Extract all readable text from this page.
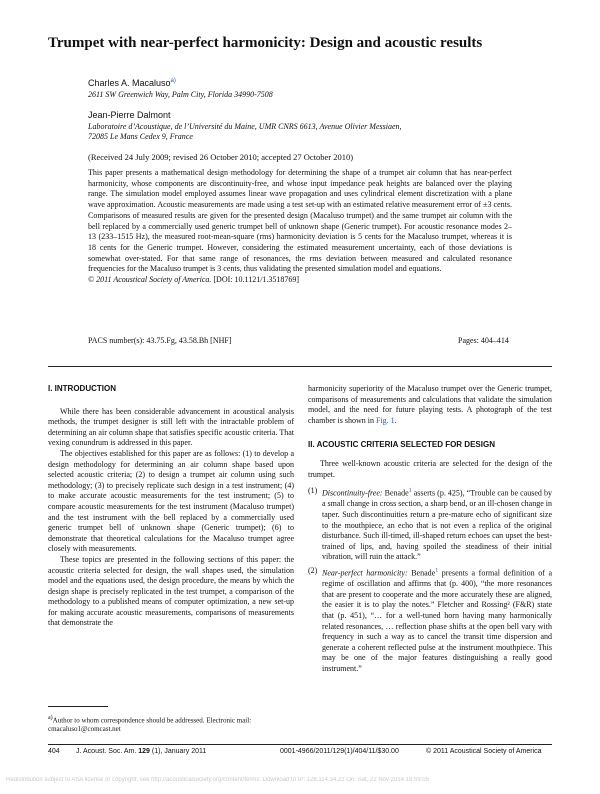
Trumpet with near-perfect harmonicity: Design and acoustic results
Charles A. Macaluso$^{a)}$
2611 SW Greenwich Way, Palm City, Florida 34990-7508
Jean-Pierre Dalmont
Laboratoire d’Acoustique, de l’Université du Maine, UMR CNRS 6613, Avenue Olivier Messiaen,
72085 Le Mans Cedex 9, France
(Received 24 July 2009; revised 26 October 2010; accepted 27 October 2010)
This paper presents a mathematical design methodology for determining the shape of a trumpet air column that has near-perfect harmonicity, whose components are discontinuity-free, and whose input impedance peak heights are balanced over the playing range. The simulation model employed assumes linear wave propagation and uses cylindrical element discretization with a plane wave approximation. Acoustic measurements are made using a test set-up with an estimated relative measurement error of ±3 cents. Comparisons of measured results are given for the presented design (Macaluso trumpet) and the same trumpet air column with the bell replaced by a commercially used generic trumpet bell of unknown shape (Generic trumpet). For acoustic resonance modes 2–13 (233–1515 Hz), the measured root-mean-square (rms) harmonicity deviation is 5 cents for the Macaluso trumpet, whereas it is 18 cents for the Generic trumpet. However, considering the estimated measurement uncertainty, each of those deviations is somewhat over-stated. For that same range of resonances, the rms deviation between measured and calculated resonance frequencies for the Macaluso trumpet is 3 cents, thus validating the presented simulation model and equations.
© 2011 Acoustical Society of America. [DOI: 10.1121/1.3518769]
PACS number(s): 43.75.Fg, 43.58.Bh [NHF]	Pages: 404–414
I. INTRODUCTION

While there has been considerable advancement in acoustical analysis methods, the trumpet designer is still left with the intractable problem of determining an air column shape that satisfies specific acoustic criteria. That vexing conundrum is addressed in this paper.

The objectives established for this paper are as follows: (1) to develop a design methodology for determining an air column shape based upon selected acoustic criteria; (2) to design a trumpet air column using such methodology; (3) to precisely replicate such design in a test instrument; (4) to make accurate acoustic measurements for the test instrument; (5) to compare acoustic measurements for the test instrument (Macaluso trumpet) and the test instrument with the bell replaced by a commercially used generic trumpet bell of unknown shape (Generic trumpet); (6) to demonstrate that theoretical calculations for the Macaluso trumpet agree closely with measurements.

These topics are presented in the following sections of this paper: the acoustic criteria selected for design, the wall shapes used, the simulation model and the equations used, the design procedure, the means by which the design shape is precisely replicated in the test trumpet, a comparison of the methodology to a published means of computer optimization, a new set-up for making accurate acoustic measurements, comparisons of measurements that demonstrate the

harmonicity superiority of the Macaluso trumpet over the Generic trumpet, comparisons of measurements and calculations that validate the simulation model, and the need for future playing tests. A photograph of the test chamber is shown in Fig. 1.
II. ACOUSTIC CRITERIA SELECTED FOR DESIGN

Three well-known acoustic criteria are selected for the design of the trumpet.

(1) Discontinuity-free: Benade$^1$ asserts (p. 425), “Trouble can be caused by a small change in cross section, a sharp bend, or an ill-chosen change in taper. Such discontinuities return a pre-mature echo of significant size to the mouthpiece, an echo that is not even a replica of the original disturbance. Such ill-timed, ill-shaped return echoes can upset the best-trained of lips, and, having spoiled the steadiness of their initial vibration, will ruin the attack.”
(2) Near-perfect harmonicity: Benade$^1$ presents a formal definition of a regime of oscillation and affirms that (p. 400), “the more resonances that are present to cooperate and the more accurately these are aligned, the easier it is to play the notes.” Fletcher and Rossing² (F&R) state that (p. 451), “… for a well-tuned horn having many harmonically related resonances, … reflection phase shifts at the open bell vary with frequency in such a way as to cancel the transit time dispersion and generate a coherent reflected pulse at the instrument mouthpiece. This may be one of the major features distinguishing a really good instrument.”
a)Author to whom correspondence should be addressed. Electronic mail: cmacaluso1@comcast.net
404 J. Acoust. Soc. Am. 129 (1), January 2011	0001-4966/2011/129(1)/404/11/$30.00	© 2011 Acoustical Society of America
Redistribution subject to ASA license or copyright; see http://acousticalsociety.org/content/terms. Download to IP: 128.114.34.22 On: Sat, 22 Nov 2014 18:59:05
